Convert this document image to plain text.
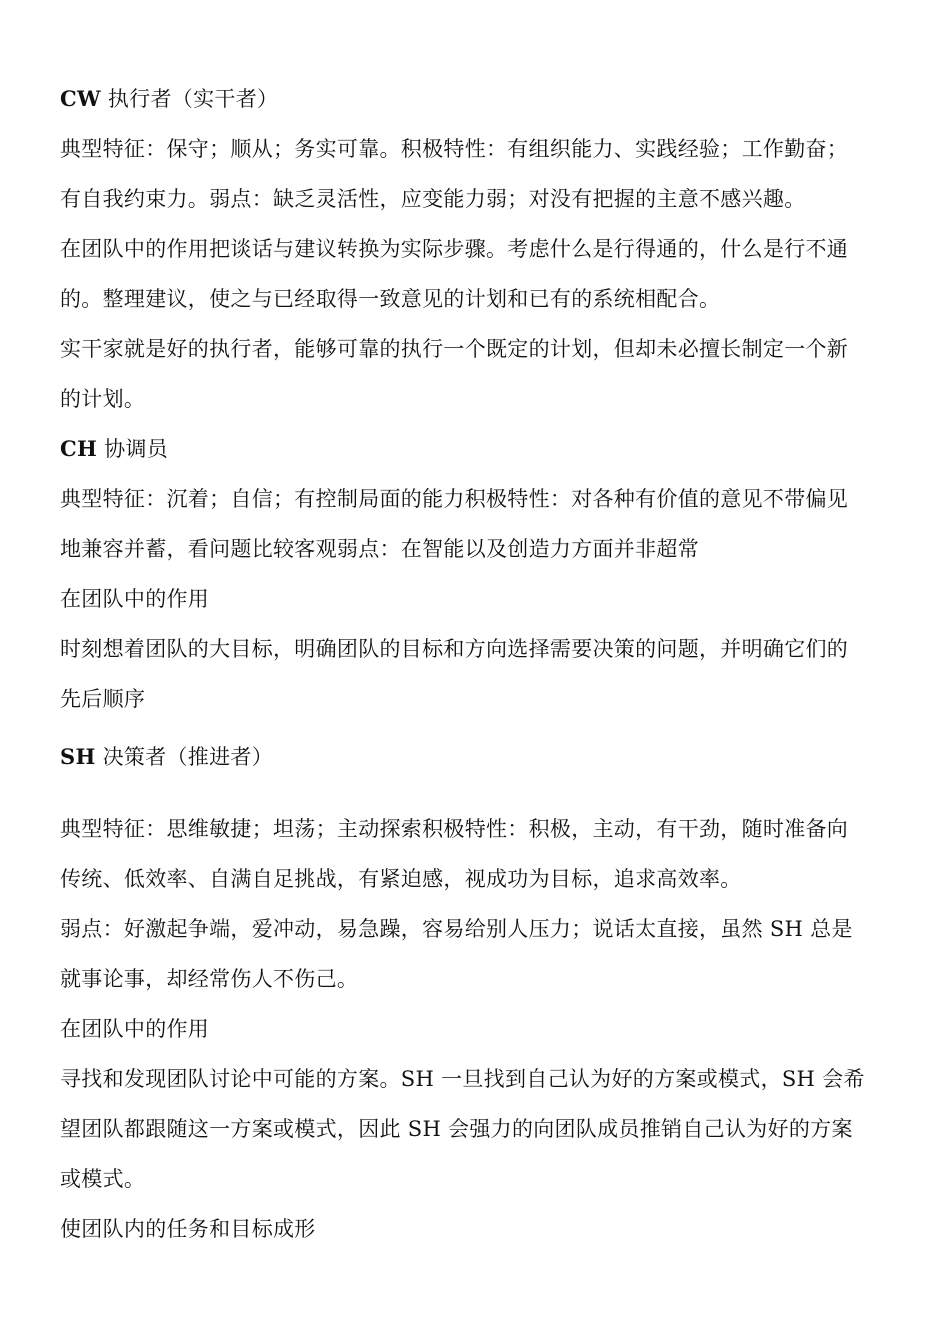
CW 执行者（实干者）

典型特征：保守；顺从；务实可靠。积极特性：有组织能力、实践经验；工作勤奋；

有自我约束力。弱点：缺乏灵活性，应变能力弱；对没有把握的主意不感兴趣。

在团队中的作用把谈话与建议转换为实际步骤。考虑什么是行得通的，什么是行不通

的。整理建议，使之与已经取得一致意见的计划和已有的系统相配合。

实干家就是好的执行者，能够可靠的执行一个既定的计划，但却未必擅长制定一个新

的计划。

CH 协调员

典型特征：沉着；自信；有控制局面的能力积极特性：对各种有价值的意见不带偏见

地兼容并蓄，看问题比较客观弱点：在智能以及创造力方面并非超常

在团队中的作用

时刻想着团队的大目标，明确团队的目标和方向选择需要决策的问题，并明确它们的

先后顺序

SH 决策者（推进者）

典型特征：思维敏捷；坦荡；主动探索积极特性：积极，主动，有干劲，随时准备向

传统、低效率、自满自足挑战，有紧迫感，视成功为目标，追求高效率。

弱点：好激起争端，爱冲动，易急躁，容易给别人压力；说话太直接，虽然 SH 总是

就事论事，却经常伤人不伤己。

在团队中的作用

寻找和发现团队讨论中可能的方案。SH 一旦找到自己认为好的方案或模式，SH 会希

望团队都跟随这一方案或模式，因此 SH 会强力的向团队成员推销自己认为好的方案

或模式。

使团队内的任务和目标成形
